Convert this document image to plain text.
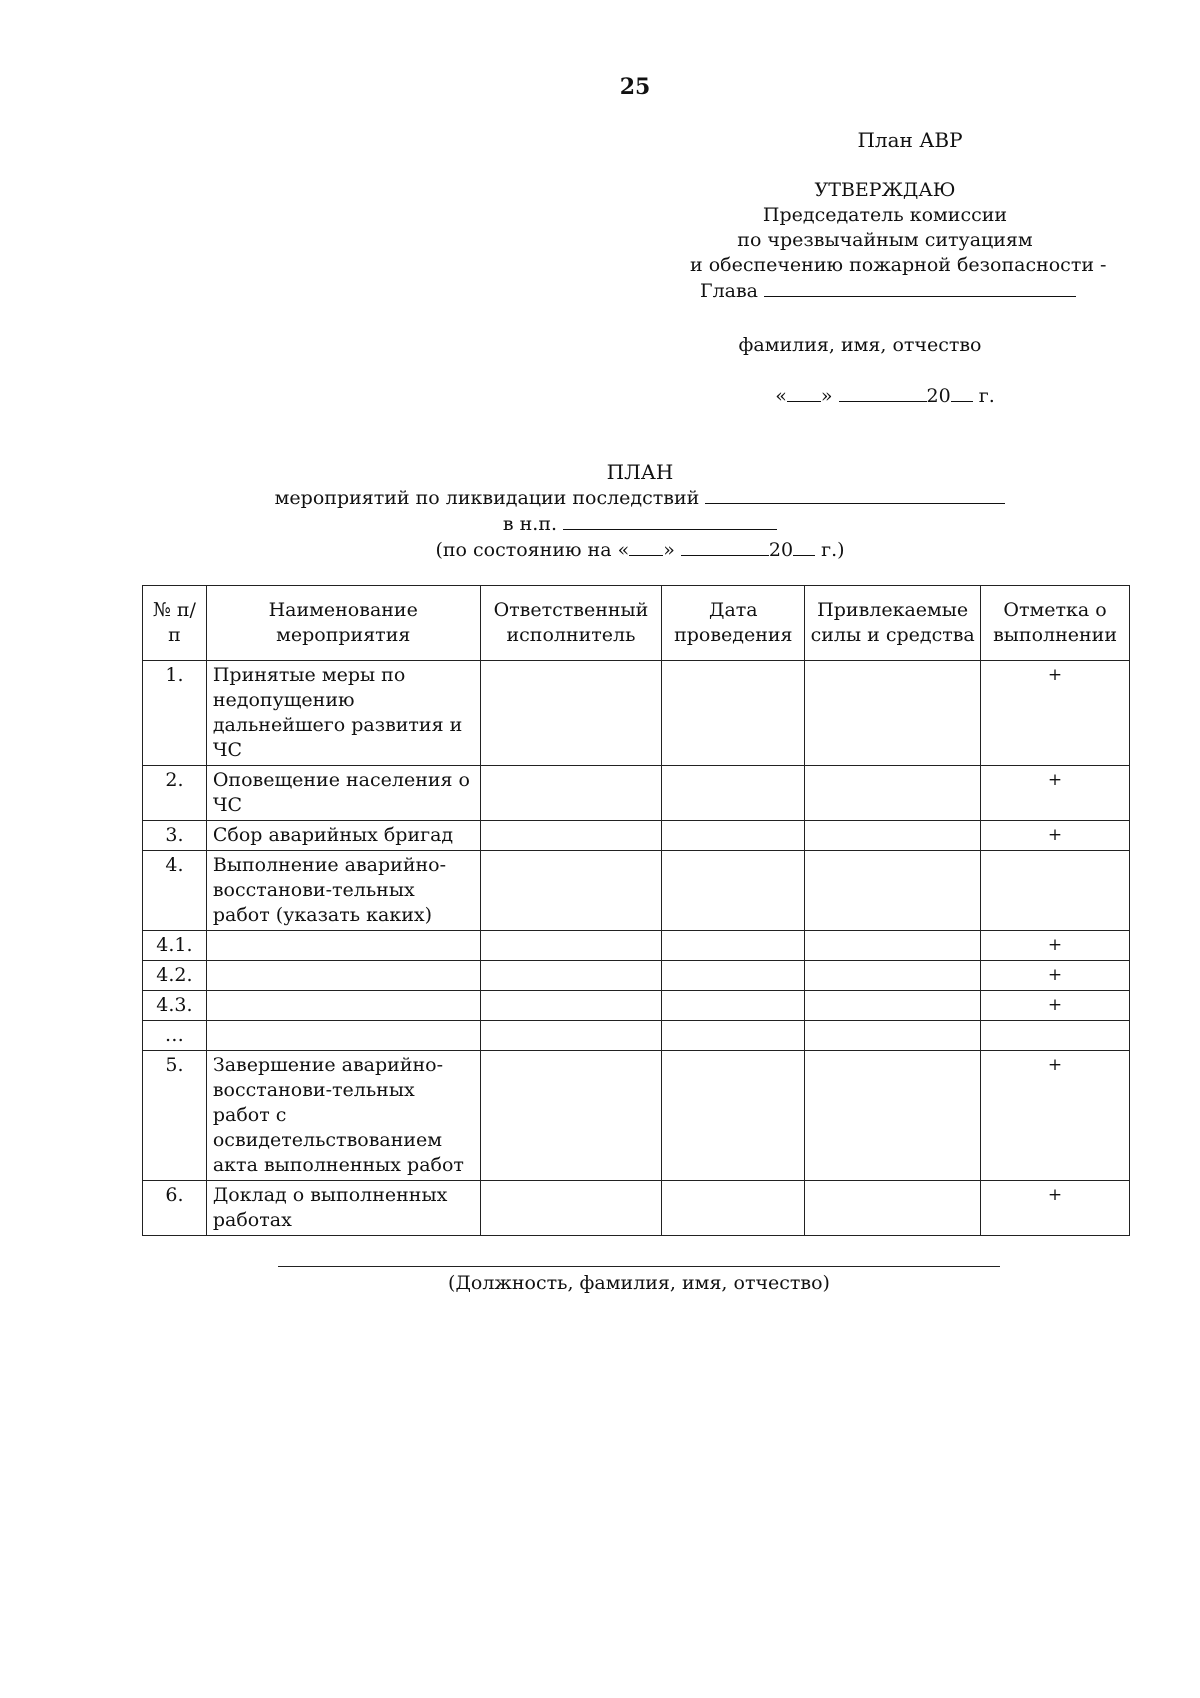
25
План АВР
УТВЕРЖДАЮ
Председатель комиссии
по чрезвычайным ситуациям
и обеспечению пожарной безопасности -
Глава
фамилия, имя, отчество
« »	20 г.
ПЛАН
мероприятий по ликвидации последствий
в н.п.
(по состоянию на « »	20 г.)
№ п/п	Наименование мероприятия	Ответственный исполнитель	Дата проведения	Привлекаемые силы и средства	Отметка о выполнении
1.	Принятые меры по недопущению дальнейшего развития и ЧС				+
2.	Оповещение населения о ЧС				+
3.	Сбор аварийных бригад				+
4.	Выполнение аварийно-восстанови-тельных работ (указать каких)				
4.1.					+
4.2.					+
4.3.					+
…					
5.	Завершение аварийно-восстанови-тельных работ с освидетельствованием акта выполненных работ				+
6.	Доклад о выполненных работах				+
(Должность, фамилия, имя, отчество)
